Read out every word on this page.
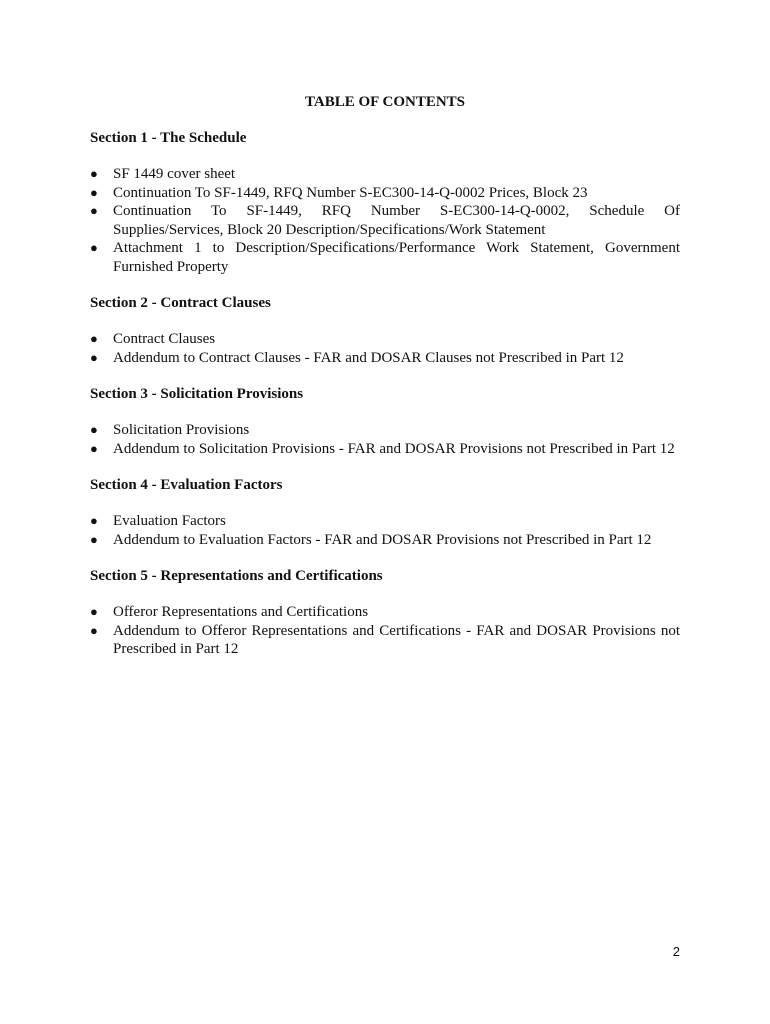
TABLE OF CONTENTS

Section 1 - The Schedule

● SF 1449 cover sheet
● Continuation To SF-1449, RFQ Number S-EC300-14-Q-0002 Prices, Block 23
● Continuation To SF-1449, RFQ Number S-EC300-14-Q-0002, Schedule Of Supplies/Services, Block 20 Description/Specifications/Work Statement
● Attachment 1 to Description/Specifications/Performance Work Statement, Government Furnished Property

Section 2 - Contract Clauses

● Contract Clauses
● Addendum to Contract Clauses - FAR and DOSAR Clauses not Prescribed in Part 12

Section 3 - Solicitation Provisions

● Solicitation Provisions
● Addendum to Solicitation Provisions - FAR and DOSAR Provisions not Prescribed in Part 12

Section 4 - Evaluation Factors

● Evaluation Factors
● Addendum to Evaluation Factors - FAR and DOSAR Provisions not Prescribed in Part 12

Section 5 - Representations and Certifications

● Offeror Representations and Certifications
● Addendum to Offeror Representations and Certifications - FAR and DOSAR Provisions not Prescribed in Part 12
2
